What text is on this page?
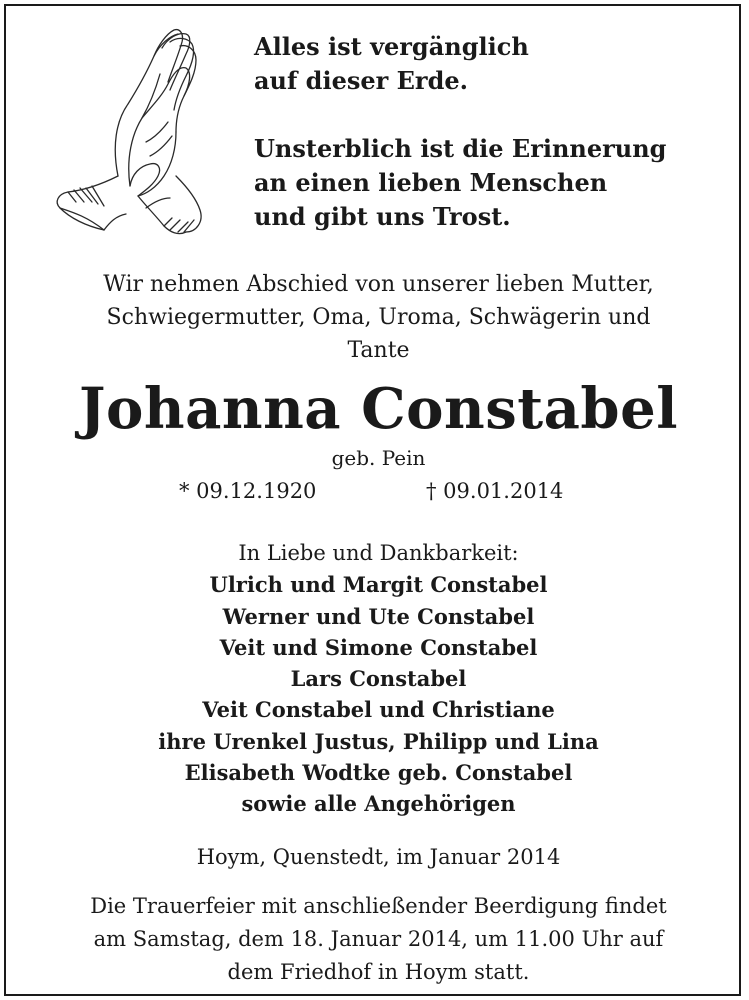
Alles ist vergänglich
auf dieser Erde.
Unsterblich ist die Erinnerung
an einen lieben Menschen
und gibt uns Trost.
Wir nehmen Abschied von unserer lieben Mutter,
Schwiegermutter, Oma, Uroma, Schwägerin und
Tante
Johanna Constabel
geb. Pein
* 09.12.1920	† 09.01.2014
In Liebe und Dankbarkeit:
Ulrich und Margit Constabel
Werner und Ute Constabel
Veit und Simone Constabel
Lars Constabel
Veit Constabel und Christiane
ihre Urenkel Justus, Philipp und Lina
Elisabeth Wodtke geb. Constabel
sowie alle Angehörigen
Hoym, Quenstedt, im Januar 2014
Die Trauerfeier mit anschließender Beerdigung findet
am Samstag, dem 18. Januar 2014, um 11.00 Uhr auf
dem Friedhof in Hoym statt.
